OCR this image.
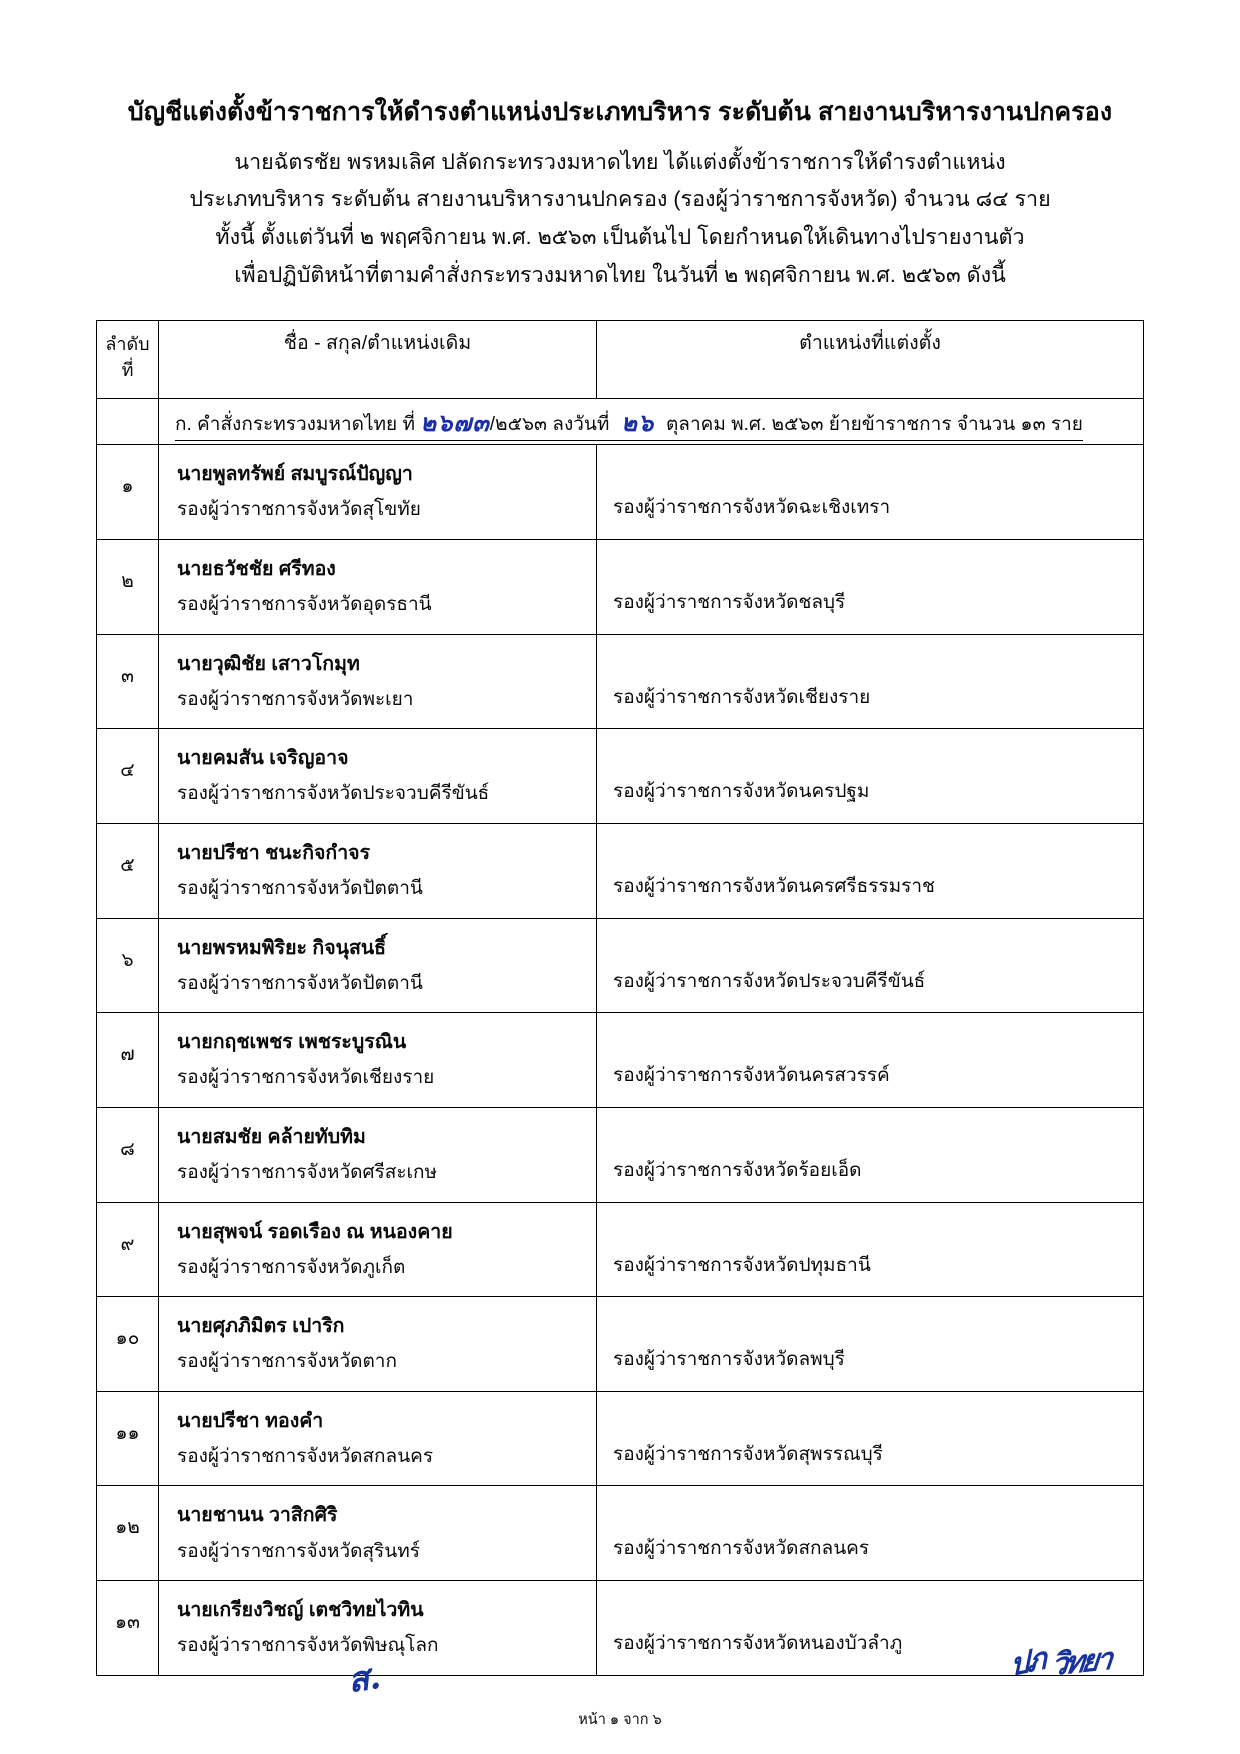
บัญชีแต่งตั้งข้าราชการให้ดำรงตำแหน่งประเภทบริหาร ระดับต้น สายงานบริหารงานปกครอง
นายฉัตรชัย พรหมเลิศ ปลัดกระทรวงมหาดไทย ได้แต่งตั้งข้าราชการให้ดำรงตำแหน่ง
ประเภทบริหาร ระดับต้น สายงานบริหารงานปกครอง (รองผู้ว่าราชการจังหวัด) จำนวน ๘๔ ราย
ทั้งนี้ ตั้งแต่วันที่ ๒ พฤศจิกายน พ.ศ. ๒๕๖๓ เป็นต้นไป โดยกำหนดให้เดินทางไปรายงานตัว
เพื่อปฏิบัติหน้าที่ตามคำสั่งกระทรวงมหาดไทย ในวันที่ ๒ พฤศจิกายน พ.ศ. ๒๕๖๓ ดังนี้
ลำดับ
ที่	ชื่อ - สกุล/ตำแหน่งเดิม	ตำแหน่งที่แต่งตั้ง
	ก. คำสั่งกระทรวงมหาดไทย ที่ ๒๖๗๓/๒๕๖๓ ลงวันที่ ๒๖ ตุลาคม พ.ศ. ๒๕๖๓ ย้ายข้าราชการ จำนวน ๑๓ ราย	
๑	นายพูลทรัพย์ สมบูรณ์ปัญญา
รองผู้ว่าราชการจังหวัดสุโขทัย	รองผู้ว่าราชการจังหวัดฉะเชิงเทรา

๒	นายธวัชชัย ศรีทอง
รองผู้ว่าราชการจังหวัดอุดรธานี	รองผู้ว่าราชการจังหวัดชลบุรี

๓	นายวุฒิชัย เสาวโกมุท
รองผู้ว่าราชการจังหวัดพะเยา	รองผู้ว่าราชการจังหวัดเชียงราย

๔	นายคมสัน เจริญอาจ
รองผู้ว่าราชการจังหวัดประจวบคีรีขันธ์	รองผู้ว่าราชการจังหวัดนครปฐม

๕	นายปรีชา ชนะกิจกำจร
รองผู้ว่าราชการจังหวัดปัตตานี	รองผู้ว่าราชการจังหวัดนครศรีธรรมราช

๖	นายพรหมพิริยะ กิจนุสนธิ์
รองผู้ว่าราชการจังหวัดปัตตานี	รองผู้ว่าราชการจังหวัดประจวบคีรีขันธ์

๗	นายกฤชเพชร เพชระบูรณิน
รองผู้ว่าราชการจังหวัดเชียงราย	รองผู้ว่าราชการจังหวัดนครสวรรค์

๘	นายสมชัย คล้ายทับทิม
รองผู้ว่าราชการจังหวัดศรีสะเกษ	รองผู้ว่าราชการจังหวัดร้อยเอ็ด

๙	นายสุพจน์ รอดเรือง ณ หนองคาย
รองผู้ว่าราชการจังหวัดภูเก็ต	รองผู้ว่าราชการจังหวัดปทุมธานี

๑๐	นายศุภภิมิตร เปาริก
รองผู้ว่าราชการจังหวัดตาก	รองผู้ว่าราชการจังหวัดลพบุรี

๑๑	นายปรีชา ทองคำ
รองผู้ว่าราชการจังหวัดสกลนคร	รองผู้ว่าราชการจังหวัดสุพรรณบุรี

๑๒	นายชานน วาสิกศิริ
รองผู้ว่าราชการจังหวัดสุรินทร์	รองผู้ว่าราชการจังหวัดสกลนคร

๑๓	นายเกรียงวิชญ์ เตชวิทยไวทิน
รองผู้ว่าราชการจังหวัดพิษณุโลก	รองผู้ว่าราชการจังหวัดหนองบัวลำภู
หน้า ๑ จาก ๖
ส.	ปภ วิทยา
